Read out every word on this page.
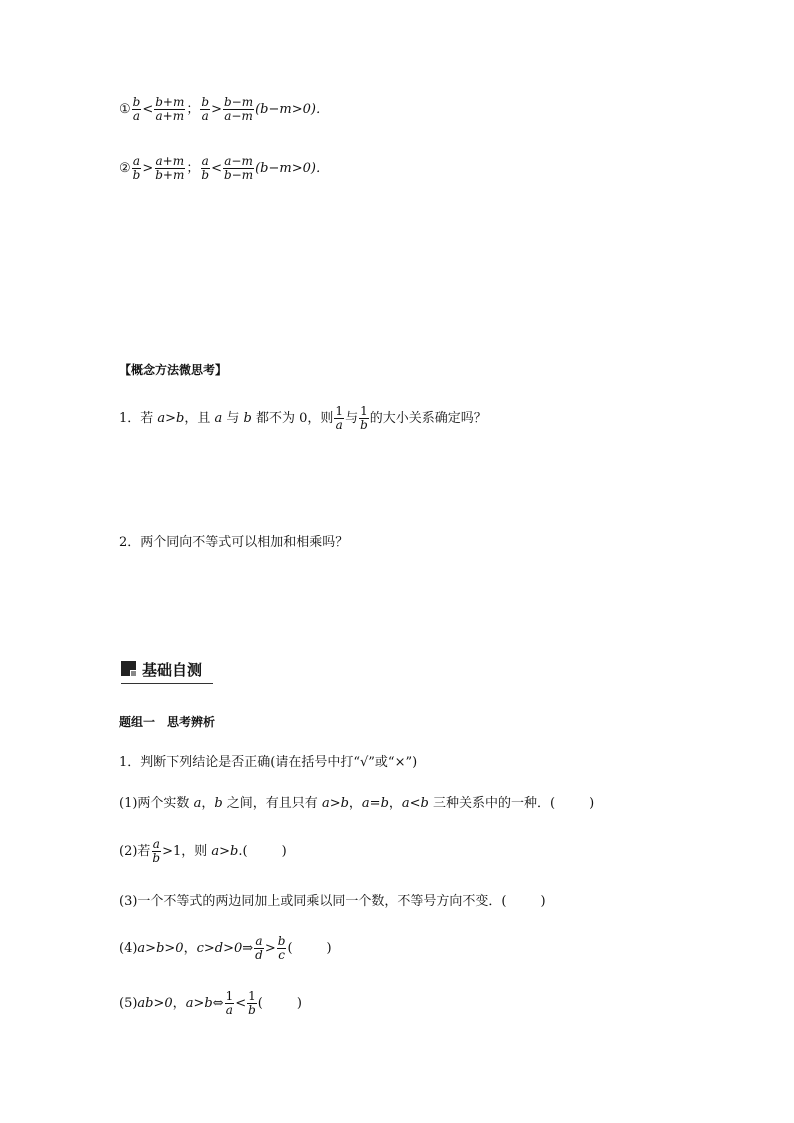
① $\frac{b}{a} < \frac{b+m}{a+m}$ ； $\frac{b}{a} > \frac{b-m}{a-m} (b-m>0)$．
② $\frac{a}{b} > \frac{a+m}{b+m}$ ； $\frac{a}{b} < \frac{a-m}{b-m} (b-m>0)$．
【概念方法微思考】
1．若 a>b，且 a 与 b 都不为 0，则 $\frac{1}{a}$ 与 $\frac{1}{b}$ 的大小关系确定吗？
2．两个同向不等式可以相加和相乘吗？
基础自测
题组一　思考辨析
1．判断下列结论是否正确(请在括号中打“√”或“×”)
(1)两个实数 a，b 之间，有且只有 a>b，a=b，a<b 三种关系中的一种．(	)
(2)若 $\frac{a}{b} >1$，则 a>b.(	)
(3)一个不等式的两边同加上或同乘以同一个数，不等号方向不变．(	)
(4)a>b>0，c>d>0⇒ $\frac{a}{d} > \frac{b}{c}$ (	)
(5)ab>0，a>b⇔ $\frac{1}{a} < \frac{1}{b}$ (	)
